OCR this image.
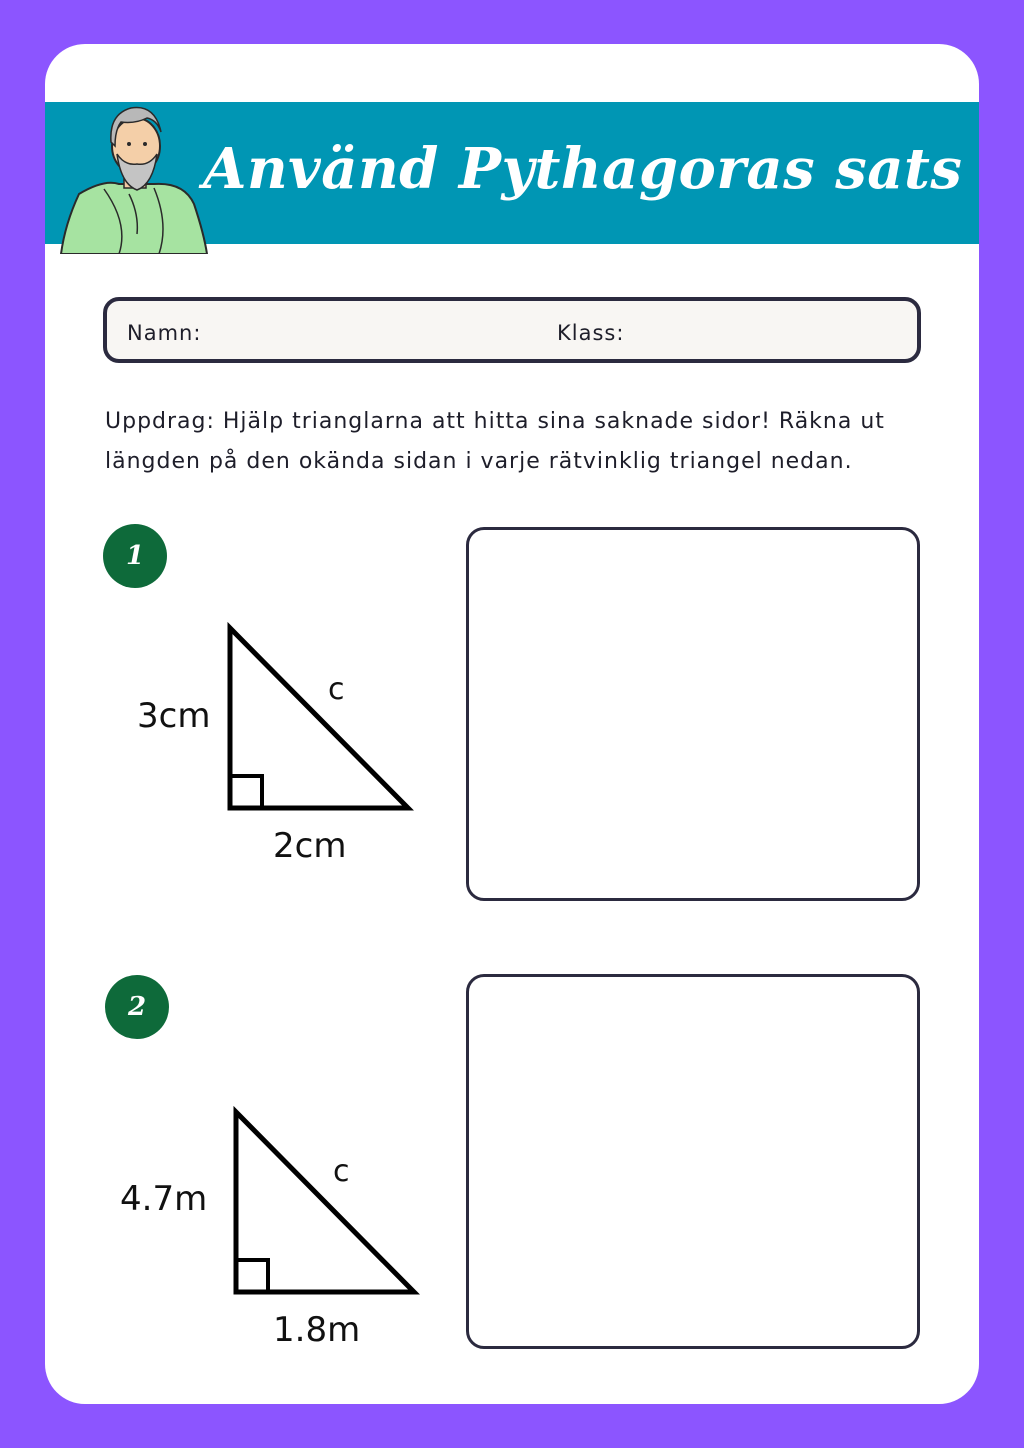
Använd Pythagoras sats
Namn:	Klass:
Uppdrag: Hjälp trianglarna att hitta sina saknade sidor! Räkna ut längden på den okända sidan i varje rätvinklig triangel nedan.
1
3cm
2cm
c
2
4.7m
1.8m
c
